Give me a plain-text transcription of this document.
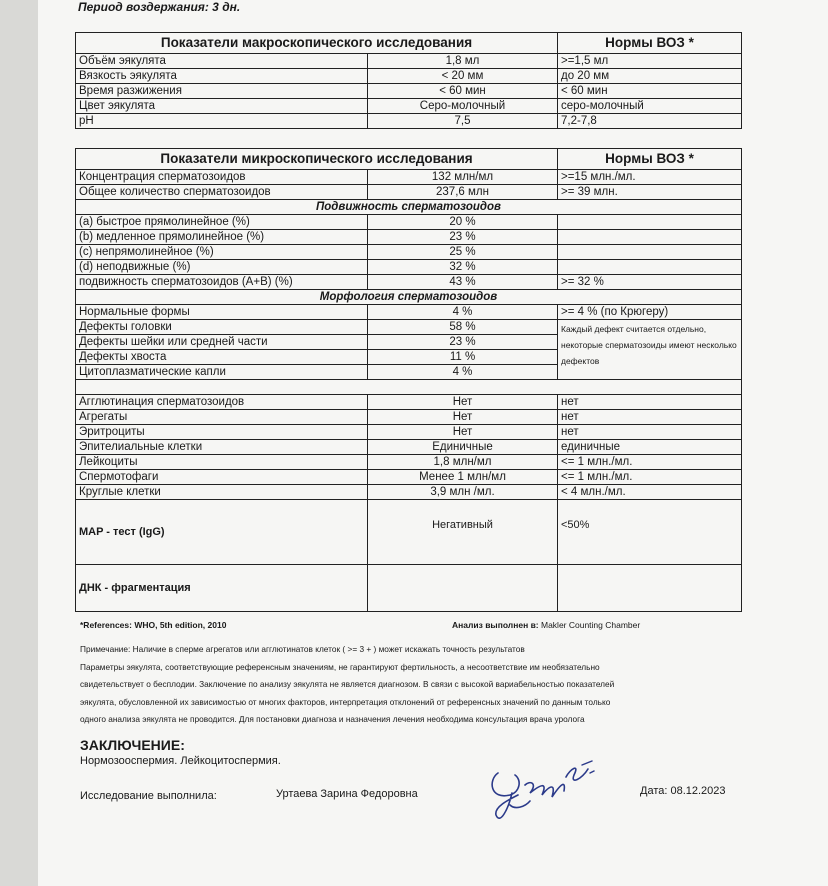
Период воздержания: 3 дн.
Показатели макроскопического исследования		Нормы ВОЗ *
Объём эякулята	1,8 мл	>=1,5 мл
Вязкость эякулята	< 20 мм	до 20 мм
Время разжижения	< 60 мин	< 60 мин
Цвет эякулята	Серо-молочный	серо-молочный
pH	7,5	7,2-7,8
Показатели микроскопического исследования		Нормы ВОЗ *
Концентрация сперматозоидов	132 млн/мл	>=15 млн./мл.
Общее количество сперматозоидов	237,6 млн	>= 39 млн.
Подвижность сперматозоидов		
(a) быстрое прямолинейное (%)	20 %	
(b) медленное прямолинейное (%)	23 %	
(c) непрямолинейное (%)	25 %	
(d) неподвижные (%)	32 %	
подвижность сперматозоидов (A+B) (%)	43 %	>= 32 %
Морфология сперматозоидов		
Нормальные формы	4 %	>= 4 % (по Крюгеру)
Дефекты головки	58 %	Каждый дефект считается отдельно, некоторые сперматозоиды имеют несколько дефектов
Дефекты шейки или средней части	23 %	
Дефекты хвоста	11 %	
Цитоплазматические капли	4 %	

Агглютинация сперматозоидов	Нет	нет
Агрегаты	Нет	нет
Эритроциты	Нет	нет
Эпителиальные клетки	Единичные	единичные
Лейкоциты	1,8 млн/мл	<= 1 млн./мл.
Спермотофаги	Менее 1 млн/мл	<= 1 млн./мл.
Круглые клетки	3,9 млн /мл.	< 4 млн./мл.
MAP - тест (IgG)	Негативный	<50%
ДНК - фрагментация		
*References: WHO, 5th edition, 2010	Анализ выполнен в: Makler Counting Chamber
Примечание: Наличие в сперме агрегатов или агглютинатов клеток ( >= 3 + ) может искажать точность результатов
Параметры эякулята, соответствующие референсным значениям, не гарантируют фертильность, а несоответствие им необязательно
свидетельствует о бесплодии. Заключение по анализу эякулята не является диагнозом. В связи с высокой вариабельностью показателей
эякулята, обусловленной их зависимостью от многих факторов, интерпретация отклонений от референсных значений по данным только
одного анализа эякулята не проводится. Для постановки диагноза и назначения лечения необходима консультация врача уролога
ЗАКЛЮЧЕНИЕ:
Нормозооспермия. Лейкоцитоспермия.
Исследование выполнила:	Уртаева Зарина Федоровна	Дата: 08.12.2023
